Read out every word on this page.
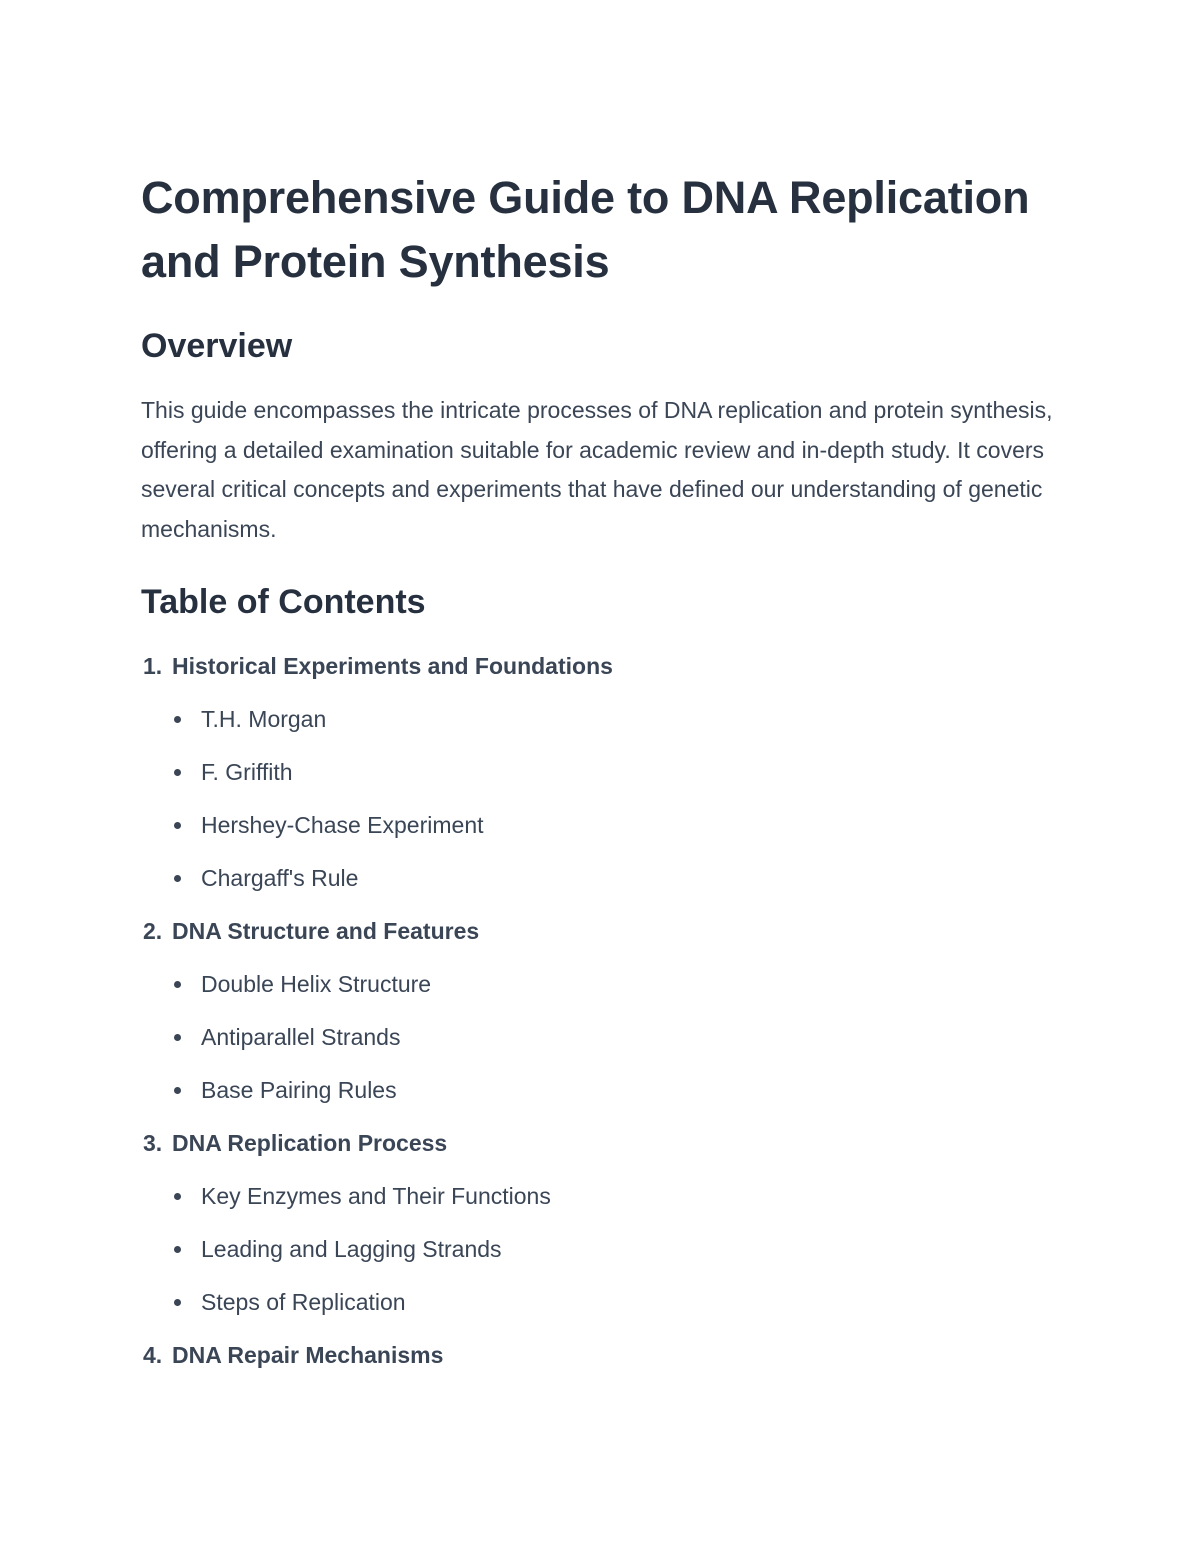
Comprehensive Guide to DNA Replication and Protein Synthesis
Overview

This guide encompasses the intricate processes of DNA replication and protein synthesis, offering a detailed examination suitable for academic review and in-depth study. It covers several critical concepts and experiments that have defined our understanding of genetic mechanisms.

Table of Contents
1. Historical Experiments and Foundations
T.H. Morgan
F. Griffith
Hershey-Chase Experiment
Chargaff's Rule
2. DNA Structure and Features
Double Helix Structure
Antiparallel Strands
Base Pairing Rules
3. DNA Replication Process
Key Enzymes and Their Functions
Leading and Lagging Strands
Steps of Replication
4. DNA Repair Mechanisms
